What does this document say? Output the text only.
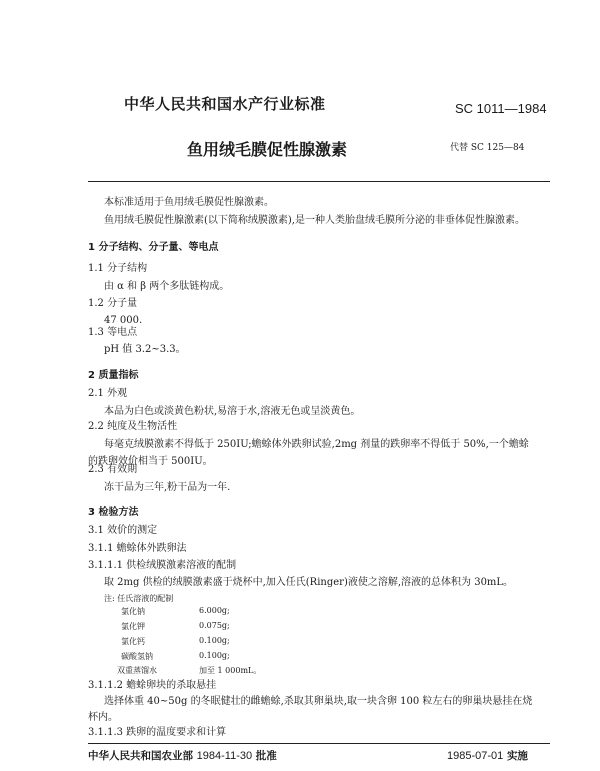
中华人民共和国水产行业标准	SC 1011—1984
鱼用绒毛膜促性腺激素	代替 SC 125—84
本标准适用于鱼用绒毛膜促性腺激素。
鱼用绒毛膜促性腺激素(以下简称绒膜激素),是一种人类胎盘绒毛膜所分泌的非垂体促性腺激素。
1 分子结构、分子量、等电点
1.1 分子结构
由 α 和 β 两个多肽链构成。
1.2 分子量
47 000.
1.3 等电点
pH 值 3.2~3.3。
2 质量指标
2.1 外观
本品为白色或淡黄色粉状,易溶于水,溶液无色或呈淡黄色。
2.2 纯度及生物活性
每毫克绒膜激素不得低于 250IU;蟾蜍体外跌卵试验,2mg 剂量的跌卵率不得低于 50%,一个蟾蜍
的跌卵效价相当于 500IU。
2.3 有效期
冻干品为三年,粉干品为一年.
3 检验方法
3.1 效价的测定
3.1.1 蟾蜍体外跌卵法
3.1.1.1 供检绒膜激素溶液的配制
取 2mg 供检的绒膜激素盛于烧杯中,加入任氏(Ringer)液使之溶解,溶液的总体积为 30mL。
注: 任氏溶液的配制
氯化钠	6.000g;
氯化钾	0.075g;
氯化钙	0.100g;
碳酸氢钠	0.100g;
双重蒸馏水	加至 1 000mL。
3.1.1.2 蟾蜍卵块的杀取悬挂
选择体重 40~50g 的冬眠健壮的雌蟾蜍,杀取其卵巢块,取一块含卵 100 粒左右的卵巢块悬挂在烧
杯内。
3.1.1.3 跌卵的温度要求和计算
中华人民共和国农业部 1984-11-30 批准	1985-07-01 实施
